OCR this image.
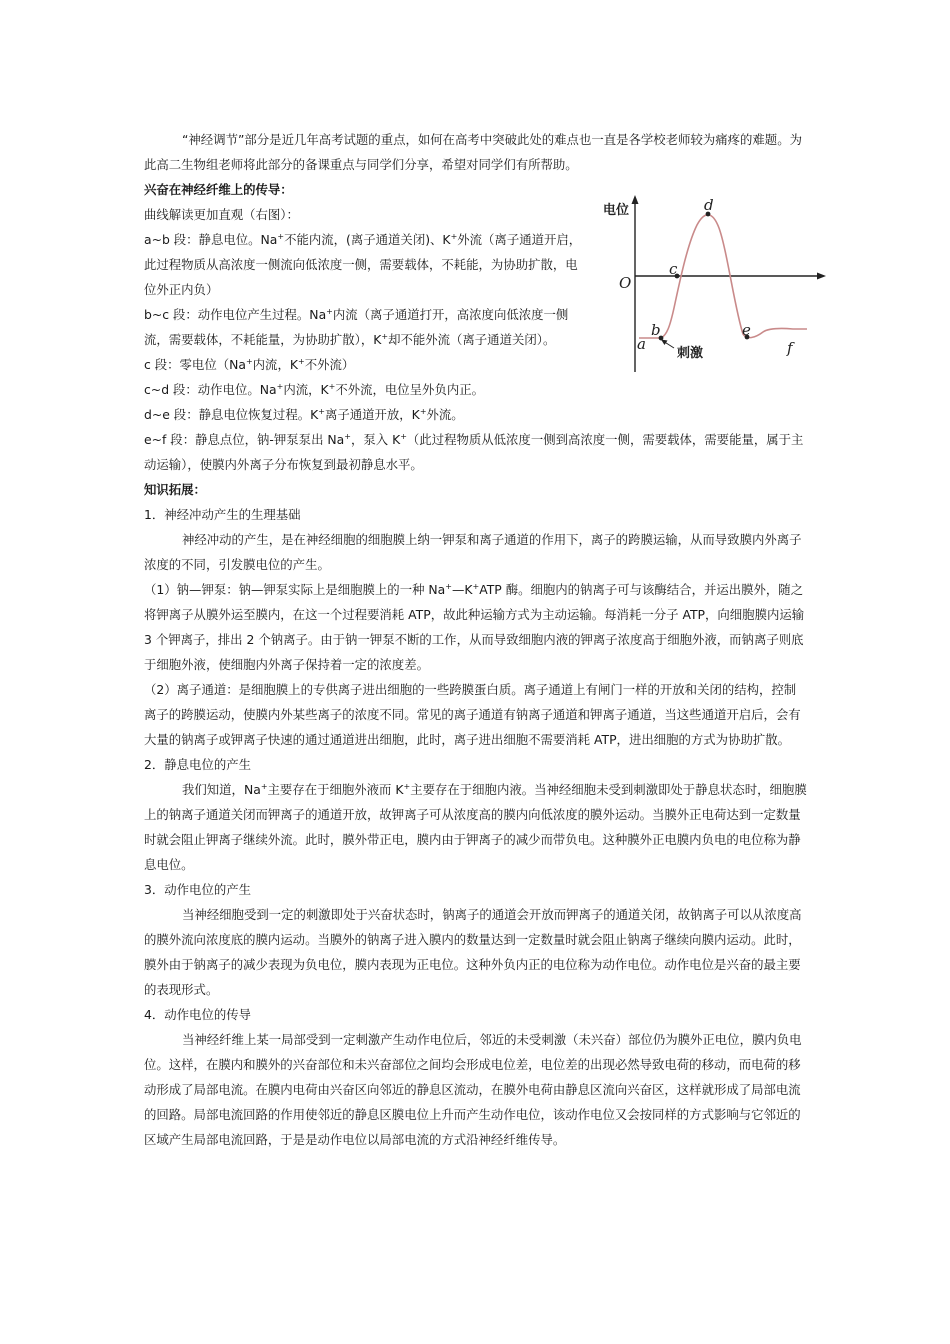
电位
O
a
b
c
d
e
f
刺激

“神经调节”部分是近几年高考试题的重点，如何在高考中突破此处的难点也一直是各学校老师较为痛疼的难题。为此高二生物组老师将此部分的备课重点与同学们分享，希望对同学们有所帮助。

兴奋在神经纤维上的传导：

曲线解读更加直观（右图）：

a~b 段：静息电位。Na+不能内流，(离子通道关闭)、K+外流（离子通道开启，此过程物质从高浓度一侧流向低浓度一侧，需要载体，不耗能，为协助扩散，电位外正内负）

b~c 段：动作电位产生过程。Na+内流（离子通道打开，高浓度向低浓度一侧流，需要载体，不耗能量，为协助扩散），K+却不能外流（离子通道关闭）。

c 段：零电位（Na+内流，K+不外流）

c~d 段：动作电位。Na+内流，K+不外流，电位呈外负内正。

d~e 段：静息电位恢复过程。K+离子通道开放，K+外流。

e~f 段：静息点位，钠-钾泵泵出 Na+，泵入 K+（此过程物质从低浓度一侧到高浓度一侧，需要载体，需要能量，属于主动运输），使膜内外离子分布恢复到最初静息水平。

知识拓展：

1．神经冲动产生的生理基础

神经冲动的产生，是在神经细胞的细胞膜上纳一钾泵和离子通道的作用下，离子的跨膜运输，从而导致膜内外离子浓度的不同，引发膜电位的产生。

（1）钠—钾泵：钠—钾泵实际上是细胞膜上的一种 Na+—K+ATP 酶。细胞内的钠离子可与该酶结合，并运出膜外，随之将钾离子从膜外运至膜内，在这一个过程要消耗 ATP，故此种运输方式为主动运输。每消耗一分子 ATP，向细胞膜内运输 3 个钾离子，排出 2 个钠离子。由于钠一钾泵不断的工作，从而导致细胞内液的钾离子浓度高于细胞外液，而钠离子则底于细胞外液，使细胞内外离子保持着一定的浓度差。

（2）离子通道：是细胞膜上的专供离子进出细胞的一些跨膜蛋白质。离子通道上有闸门一样的开放和关闭的结构，控制离子的跨膜运动，使膜内外某些离子的浓度不同。常见的离子通道有钠离子通道和钾离子通道，当这些通道开启后，会有大量的钠离子或钾离子快速的通过通道进出细胞，此时，离子进出细胞不需要消耗 ATP，进出细胞的方式为协助扩散。

2．静息电位的产生

我们知道，Na+主要存在于细胞外液而 K+主要存在于细胞内液。当神经细胞未受到刺激即处于静息状态时，细胞膜上的钠离子通道关闭而钾离子的通道开放，故钾离子可从浓度高的膜内向低浓度的膜外运动。当膜外正电荷达到一定数量时就会阻止钾离子继续外流。此时，膜外带正电，膜内由于钾离子的减少而带负电。这种膜外正电膜内负电的电位称为静息电位。

3．动作电位的产生

当神经细胞受到一定的刺激即处于兴奋状态时，钠离子的通道会开放而钾离子的通道关闭，故钠离子可以从浓度高的膜外流向浓度底的膜内运动。当膜外的钠离子进入膜内的数量达到一定数量时就会阻止钠离子继续向膜内运动。此时，膜外由于钠离子的减少表现为负电位，膜内表现为正电位。这种外负内正的电位称为动作电位。动作电位是兴奋的最主要的表现形式。

4．动作电位的传导

当神经纤维上某一局部受到一定刺激产生动作电位后，邻近的未受刺激（未兴奋）部位仍为膜外正电位，膜内负电位。这样，在膜内和膜外的兴奋部位和未兴奋部位之间均会形成电位差，电位差的出现必然导致电荷的移动，而电荷的移动形成了局部电流。在膜内电荷由兴奋区向邻近的静息区流动，在膜外电荷由静息区流向兴奋区，这样就形成了局部电流的回路。局部电流回路的作用使邻近的静息区膜电位上升而产生动作电位，该动作电位又会按同样的方式影响与它邻近的区域产生局部电流回路，于是是动作电位以局部电流的方式沿神经纤维传导。
